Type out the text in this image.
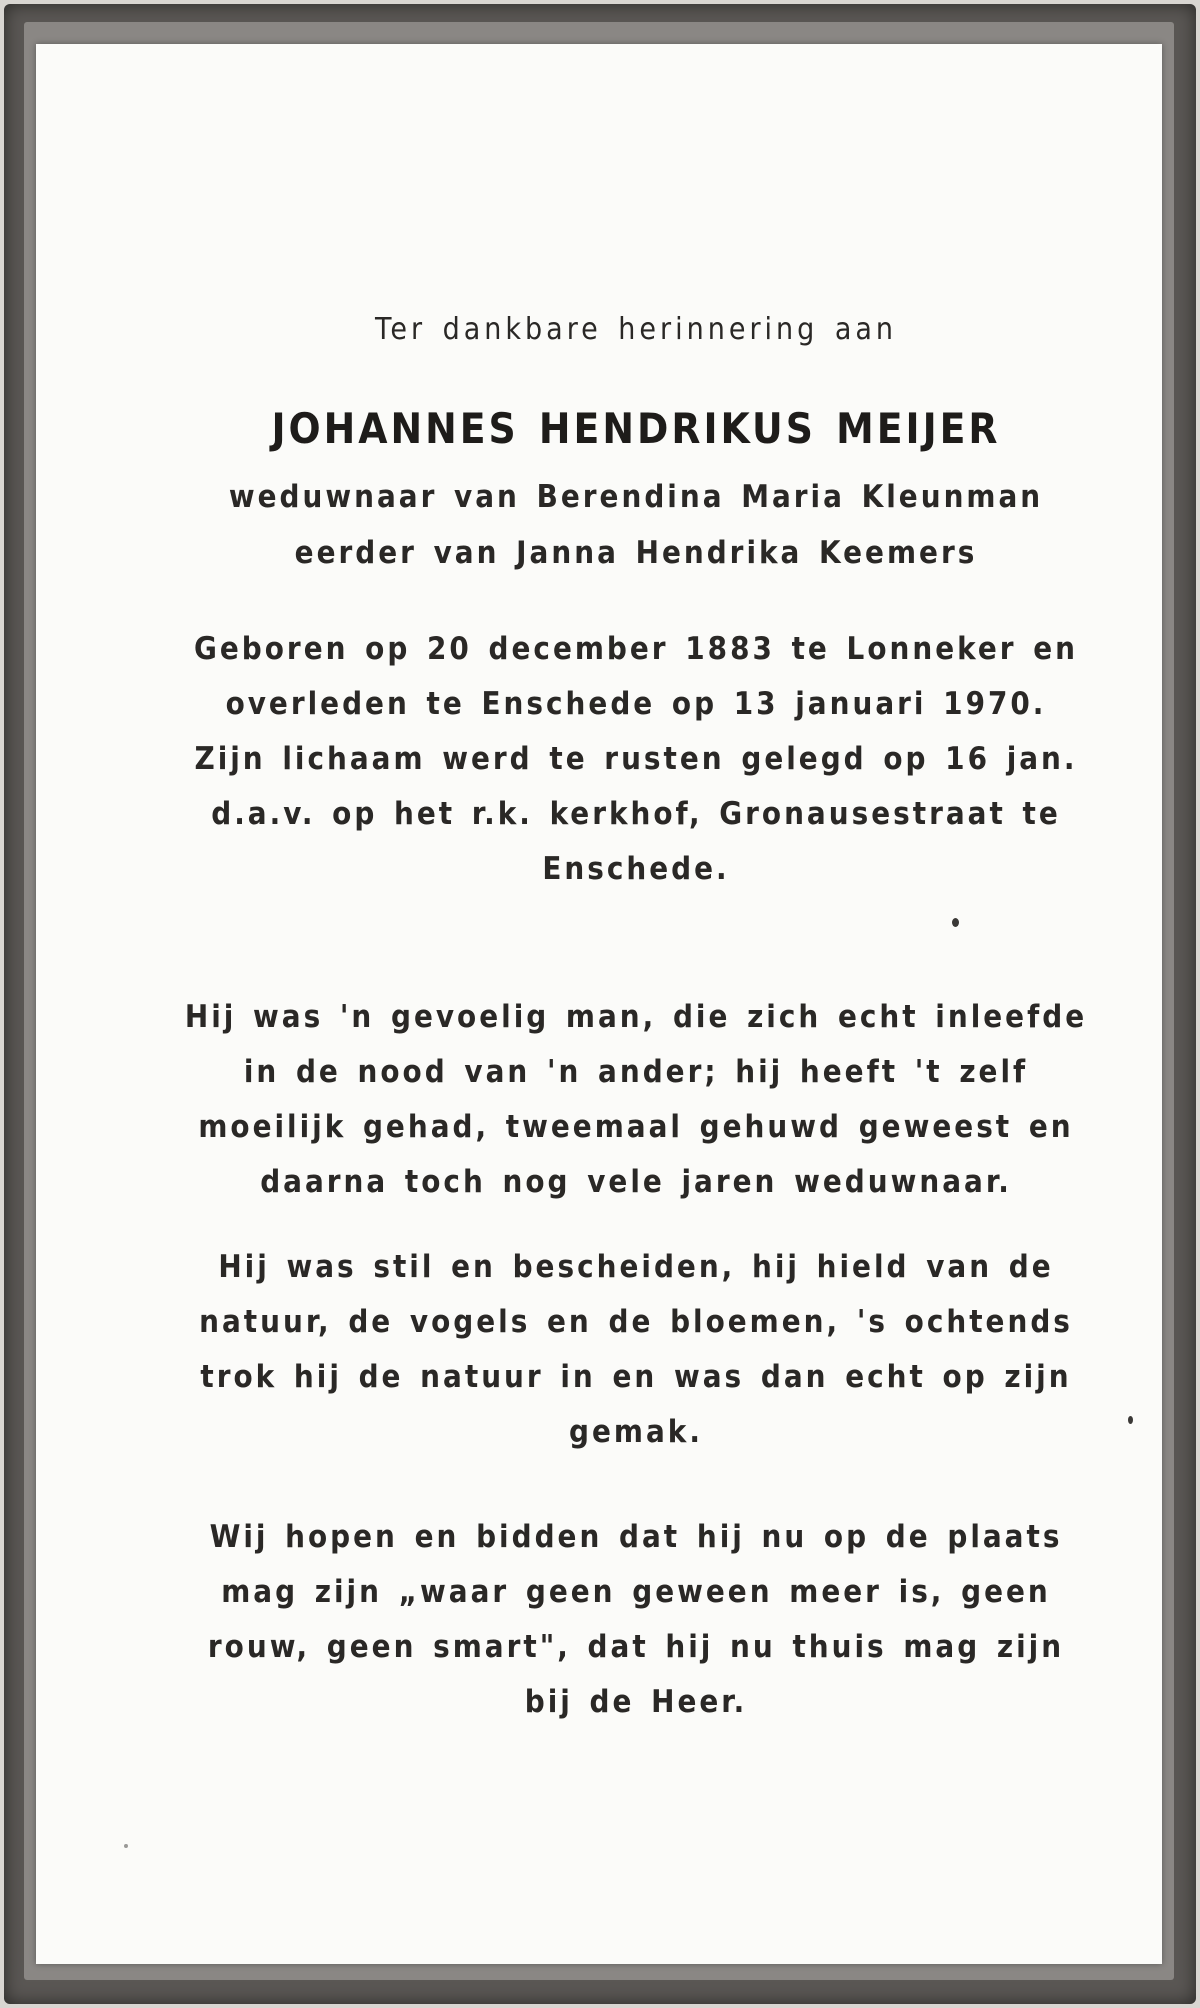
Ter dankbare herinnering aan
JOHANNES HENDRIKUS MEIJER
weduwnaar van Berendina Maria Kleunman
eerder van Janna Hendrika Keemers
Geboren op 20 december 1883 te Lonneker en
overleden te Enschede op 13 januari 1970.
Zijn lichaam werd te rusten gelegd op 16 jan.
d.a.v. op het r.k. kerkhof, Gronausestraat te
Enschede.
Hij was 'n gevoelig man, die zich echt inleefde
in de nood van 'n ander; hij heeft 't zelf
moeilijk gehad, tweemaal gehuwd geweest en
daarna toch nog vele jaren weduwnaar.
Hij was stil en bescheiden, hij hield van de
natuur, de vogels en de bloemen, 's ochtends
trok hij de natuur in en was dan echt op zijn
gemak.
Wij hopen en bidden dat hij nu op de plaats
mag zijn „waar geen geween meer is, geen
rouw, geen smart", dat hij nu thuis mag zijn
bij de Heer.
